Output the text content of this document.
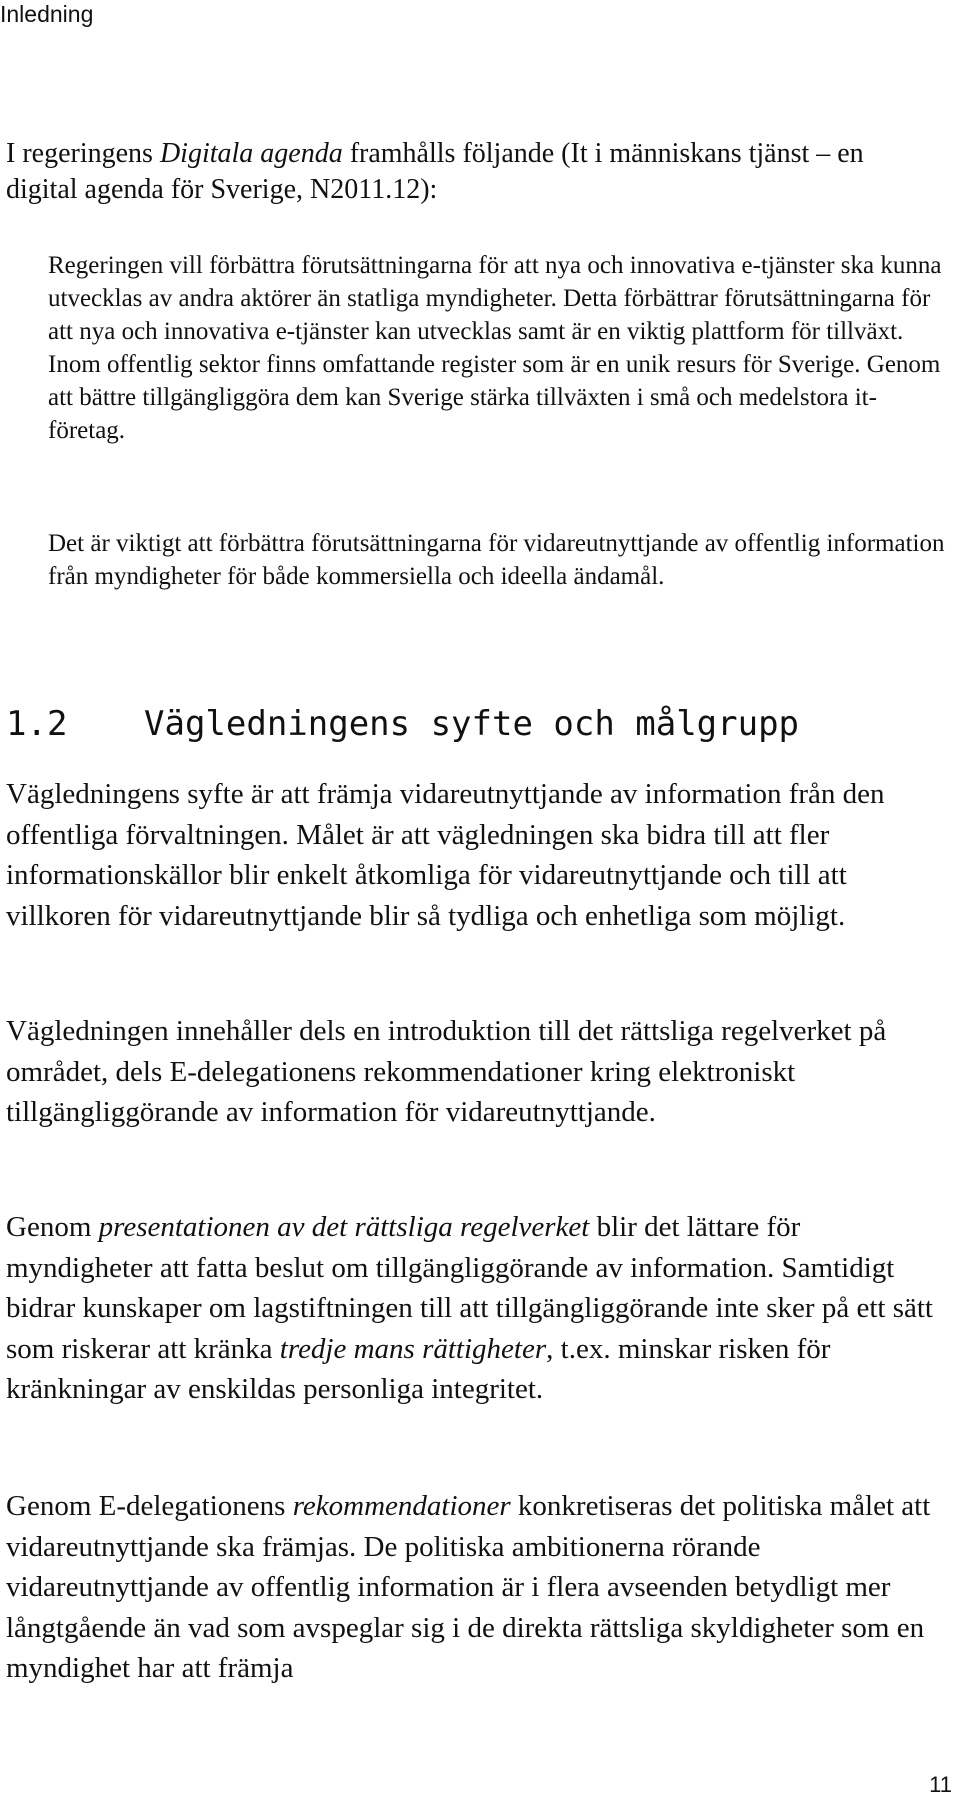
Inledning

I regeringens Digitala agenda framhålls följande (It i människans tjänst – en digital agenda för Sverige, N2011.12):

Regeringen vill förbättra förutsättningarna för att nya och innovativa e-tjänster ska kunna utvecklas av andra aktörer än statliga myndigheter. Detta förbättrar förutsättningarna för att nya och innovativa e-tjänster kan utvecklas samt är en viktig plattform för tillväxt. Inom offentlig sektor finns omfattande register som är en unik resurs för Sverige. Genom att bättre tillgängliggöra dem kan Sverige stärka tillväxten i små och medelstora it-företag.

Det är viktigt att förbättra förutsättningarna för vidareutnyttjande av offentlig information från myndigheter för både kommersiella och ideella ändamål.

1.2 Vägledningens syfte och målgrupp

Vägledningens syfte är att främja vidareutnyttjande av information från den offentliga förvaltningen. Målet är att vägledningen ska bidra till att fler informationskällor blir enkelt åtkomliga för vidareutnyttjande och till att villkoren för vidareutnyttjande blir så tydliga och enhetliga som möjligt.

Vägledningen innehåller dels en introduktion till det rättsliga regelverket på området, dels E-delegationens rekommendationer kring elektroniskt tillgängliggörande av information för vidareutnyttjande.

Genom presentationen av det rättsliga regelverket blir det lättare för myndigheter att fatta beslut om tillgängliggörande av information. Samtidigt bidrar kunskaper om lagstiftningen till att tillgängliggörande inte sker på ett sätt som riskerar att kränka tredje mans rättigheter, t.ex. minskar risken för kränkningar av enskildas personliga integritet.

Genom E-delegationens rekommendationer konkretiseras det politiska målet att vidareutnyttjande ska främjas. De politiska ambitionerna rörande vidareutnyttjande av offentlig information är i flera avseenden betydligt mer långtgående än vad som avspeglar sig i de direkta rättsliga skyldigheter som en myndighet har att främja

11
